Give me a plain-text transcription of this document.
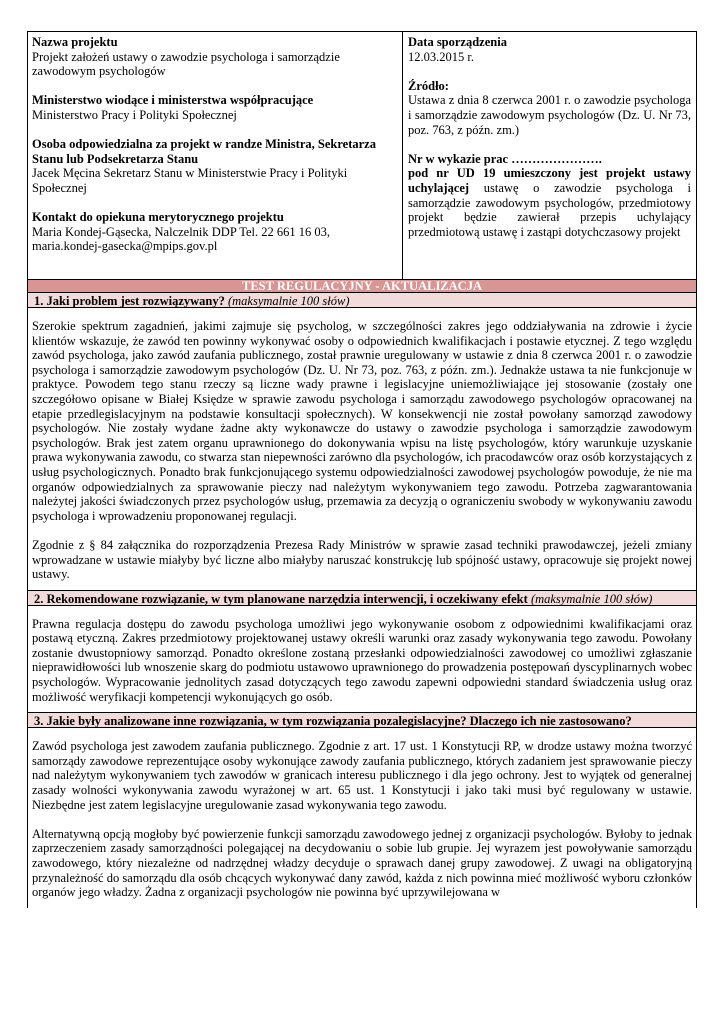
Nazwa projektu

Projekt założeń ustawy o zawodzie psychologa i samorządzie zawodowym psychologów

Ministerstwo wiodące i ministerstwa współpracujące

Ministerstwo Pracy i Polityki Społecznej

Osoba odpowiedzialna za projekt w randze Ministra, Sekretarza Stanu lub Podsekretarza Stanu

Jacek Męcina Sekretarz Stanu w Ministerstwie Pracy i Polityki Społecznej

Kontakt do opiekuna merytorycznego projektu

Maria Kondej-Gąsecka, Nalczelnik DDP Tel. 22 661 16 03,

maria.kondej-gasecka@mpips.gov.pl

Data sporządzenia

12.03.2015 r.

Źródło:

Ustawa z dnia 8 czerwca 2001 r. o zawodzie psychologa i samorządzie zawodowym psychologów (Dz. U. Nr 73, poz. 763, z późn. zm.)

Nr w wykazie prac ………………….

pod nr UD 19 umieszczony jest projekt ustawy uchylającej ustawę o zawodzie psychologa i samorządzie zawodowym psychologów, przedmiotowy projekt będzie zawierał przepis uchylający przedmiotową ustawę i zastąpi dotychczasowy projekt

TEST REGULACYJNY - AKTUALIZACJA
1. Jaki problem jest rozwiązywany? (maksymalnie 100 słów)

Szerokie spektrum zagadnień, jakimi zajmuje się psycholog, w szczególności zakres jego oddziaływania na zdrowie i życie klientów wskazuje, że zawód ten powinny wykonywać osoby o odpowiednich kwalifikacjach i postawie etycznej. Z tego względu zawód psychologa, jako zawód zaufania publicznego, został prawnie uregulowany w ustawie z dnia 8 czerwca 2001 r. o zawodzie psychologa i samorządzie zawodowym psychologów (Dz. U. Nr 73, poz. 763, z późn. zm.). Jednakże ustawa ta nie funkcjonuje w praktyce. Powodem tego stanu rzeczy są liczne wady prawne i legislacyjne uniemożliwiające jej stosowanie (zostały one szczegółowo opisane w Białej Księdze w sprawie zawodu psychologa i samorządu zawodowego psychologów opracowanej na etapie przedlegislacyjnym na podstawie konsultacji społecznych). W konsekwencji nie został powołany samorząd zawodowy psychologów. Nie zostały wydane żadne akty wykonawcze do ustawy o zawodzie psychologa i samorządzie zawodowym psychologów. Brak jest zatem organu uprawnionego do dokonywania wpisu na listę psychologów, który warunkuje uzyskanie prawa wykonywania zawodu, co stwarza stan niepewności zarówno dla psychologów, ich pracodawców oraz osób korzystających z usług psychologicznych. Ponadto brak funkcjonującego systemu odpowiedzialności zawodowej psychologów powoduje, że nie ma organów odpowiedzialnych za sprawowanie pieczy nad należytym wykonywaniem tego zawodu. Potrzeba zagwarantowania należytej jakości świadczonych przez psychologów usług, przemawia za decyzją o ograniczeniu swobody w wykonywaniu zawodu psychologa i wprowadzeniu proponowanej regulacji.

Zgodnie z § 84 załącznika do rozporządzenia Prezesa Rady Ministrów w sprawie zasad techniki prawodawczej, jeżeli zmiany wprowadzane w ustawie miałyby być liczne albo miałyby naruszać konstrukcję lub spójność ustawy, opracowuje się projekt nowej ustawy.

2. Rekomendowane rozwiązanie, w tym planowane narzędzia interwencji, i oczekiwany efekt (maksymalnie 100 słów)

Prawna regulacja dostępu do zawodu psychologa umożliwi jego wykonywanie osobom z odpowiednimi kwalifikacjami oraz postawą etyczną. Zakres przedmiotowy projektowanej ustawy określi warunki oraz zasady wykonywania tego zawodu. Powołany zostanie dwustopniowy samorząd. Ponadto określone zostaną przesłanki odpowiedzialności zawodowej co umożliwi zgłaszanie nieprawidłowości lub wnoszenie skarg do podmiotu ustawowo uprawnionego do prowadzenia postępowań dyscyplinarnych wobec psychologów. Wypracowanie jednolitych zasad dotyczących tego zawodu zapewni odpowiedni standard świadczenia usług oraz możliwość weryfikacji kompetencji wykonujących go osób.

3. Jakie były analizowane inne rozwiązania, w tym rozwiązania pozalegislacyjne? Dlaczego ich nie zastosowano?

Zawód psychologa jest zawodem zaufania publicznego. Zgodnie z art. 17 ust. 1 Konstytucji RP, w drodze ustawy można tworzyć samorządy zawodowe reprezentujące osoby wykonujące zawody zaufania publicznego, których zadaniem jest sprawowanie pieczy nad należytym wykonywaniem tych zawodów w granicach interesu publicznego i dla jego ochrony. Jest to wyjątek od generalnej zasady wolności wykonywania zawodu wyrażonej w art. 65 ust. 1 Konstytucji i jako taki musi być regulowany w ustawie. Niezbędne jest zatem legislacyjne uregulowanie zasad wykonywania tego zawodu.

Alternatywną opcją mogłoby być powierzenie funkcji samorządu zawodowego jednej z organizacji psychologów. Byłoby to jednak zaprzeczeniem zasady samorządności polegającej na decydowaniu o sobie lub grupie. Jej wyrazem jest powoływanie samorządu zawodowego, który niezależne od nadrzędnej władzy decyduje o sprawach danej grupy zawodowej. Z uwagi na obligatoryjną przynależność do samorządu dla osób chcących wykonywać dany zawód, każda z nich powinna mieć możliwość wyboru członków organów jego władzy. Żadna z organizacji psychologów nie powinna być uprzywilejowana w
